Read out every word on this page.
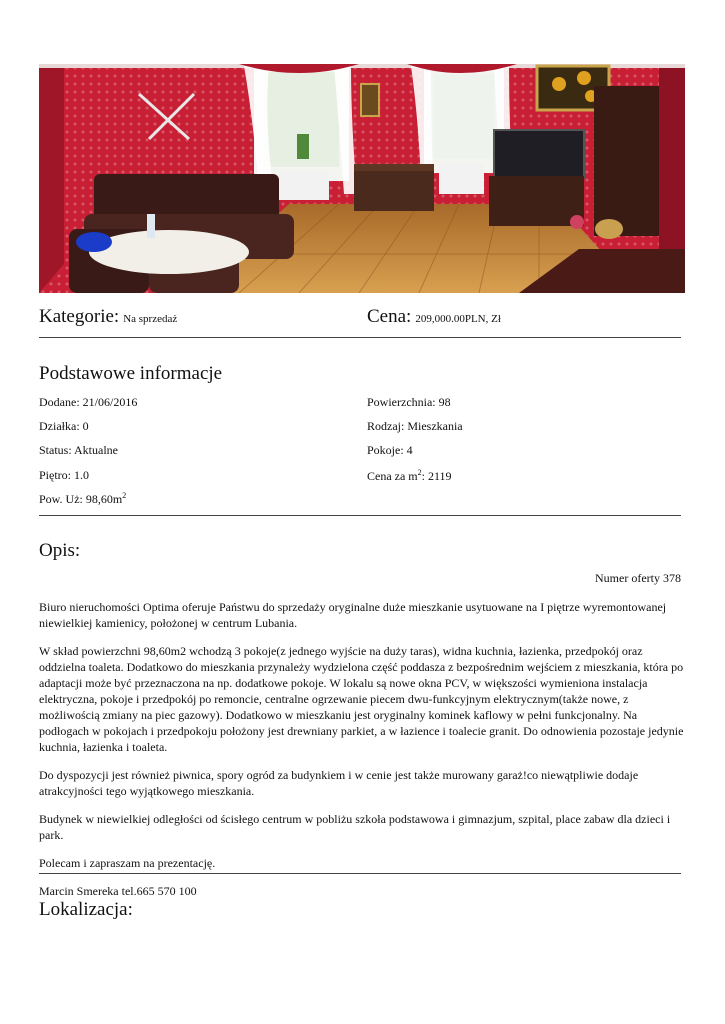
Kategorie: Na sprzedaż	Cena: 209,000.00PLN, Zł
Podstawowe informacje
Dodane: 21/06/2016	Powierzchnia: 98
Działka: 0	Rodzaj: Mieszkania
Status: Aktualne	Pokoje: 4
Piętro: 1.0	Cena za $m^2$: 2119
Pow. Uż: $98,60m^2$
Opis:
Numer oferty 378

Biuro nieruchomości Optima oferuje Państwu do sprzedaży oryginalne duże mieszkanie usytuowane na I piętrze wyremontowanej niewielkiej kamienicy, położonej w centrum Lubania.

W skład powierzchni 98,60m2 wchodzą 3 pokoje(z jednego wyjście na duży taras), widna kuchnia, łazienka, przedpokój oraz oddzielna toaleta. Dodatkowo do mieszkania przynależy wydzielona część poddasza z bezpośrednim wejściem z mieszkania, która po adaptacji może być przeznaczona na np. dodatkowe pokoje. W lokalu są nowe okna PCV, w większości wymieniona instalacja elektryczna, pokoje i przedpokój po remoncie, centralne ogrzewanie piecem dwu-funkcyjnym elektrycznym(także nowe, z możliwością zmiany na piec gazowy). Dodatkowo w mieszkaniu jest oryginalny kominek kaflowy w pełni funkcjonalny. Na podłogach w pokojach i przedpokoju położony jest drewniany parkiet, a w łazience i toalecie granit. Do odnowienia pozostaje jedynie kuchnia, łazienka i toaleta.

Do dyspozycji jest również piwnica, spory ogród za budynkiem i w cenie jest także murowany garaż!co niewątpliwie dodaje atrakcyjności tego wyjątkowego mieszkania.

Budynek w niewielkiej odległości od ścisłego centrum w pobliżu szkoła podstawowa i gimnazjum, szpital, place zabaw dla dzieci i park.

Polecam i zapraszam na prezentację.

Marcin Smereka tel.665 570 100

Lokalizacja:
